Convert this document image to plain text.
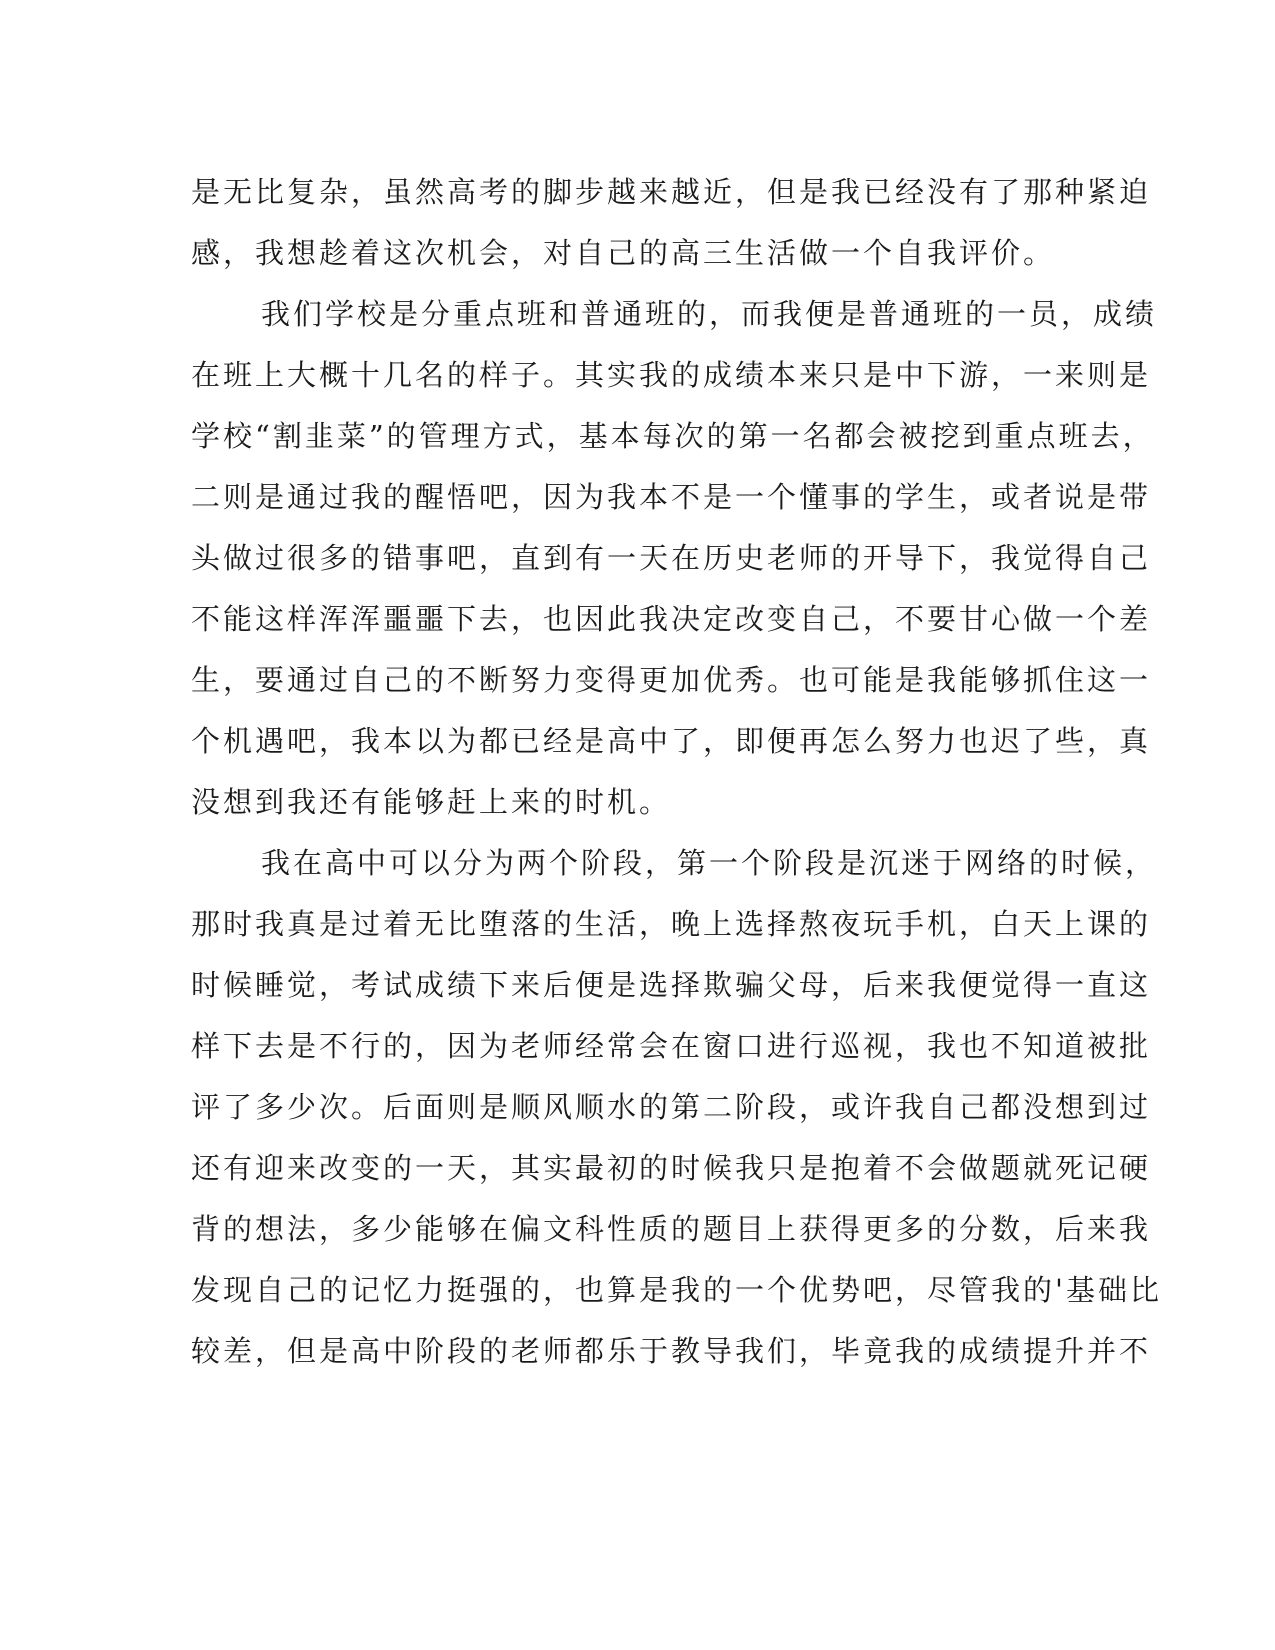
是无比复杂，虽然高考的脚步越来越近，但是我已经没有了那种紧迫
感，我想趁着这次机会，对自己的高三生活做一个自我评价。
我们学校是分重点班和普通班的，而我便是普通班的一员，成绩
在班上大概十几名的样子。其实我的成绩本来只是中下游，一来则是
学校“割韭菜”的管理方式，基本每次的第一名都会被挖到重点班去，
二则是通过我的醒悟吧，因为我本不是一个懂事的学生，或者说是带
头做过很多的错事吧，直到有一天在历史老师的开导下，我觉得自己
不能这样浑浑噩噩下去，也因此我决定改变自己，不要甘心做一个差
生，要通过自己的不断努力变得更加优秀。也可能是我能够抓住这一
个机遇吧，我本以为都已经是高中了，即便再怎么努力也迟了些，真
没想到我还有能够赶上来的时机。
我在高中可以分为两个阶段，第一个阶段是沉迷于网络的时候，
那时我真是过着无比堕落的生活，晚上选择熬夜玩手机，白天上课的
时候睡觉，考试成绩下来后便是选择欺骗父母，后来我便觉得一直这
样下去是不行的，因为老师经常会在窗口进行巡视，我也不知道被批
评了多少次。后面则是顺风顺水的第二阶段，或许我自己都没想到过
还有迎来改变的一天，其实最初的时候我只是抱着不会做题就死记硬
背的想法，多少能够在偏文科性质的题目上获得更多的分数，后来我
发现自己的记忆力挺强的，也算是我的一个优势吧，尽管我的'基础比
较差，但是高中阶段的老师都乐于教导我们，毕竟我的成绩提升并不
